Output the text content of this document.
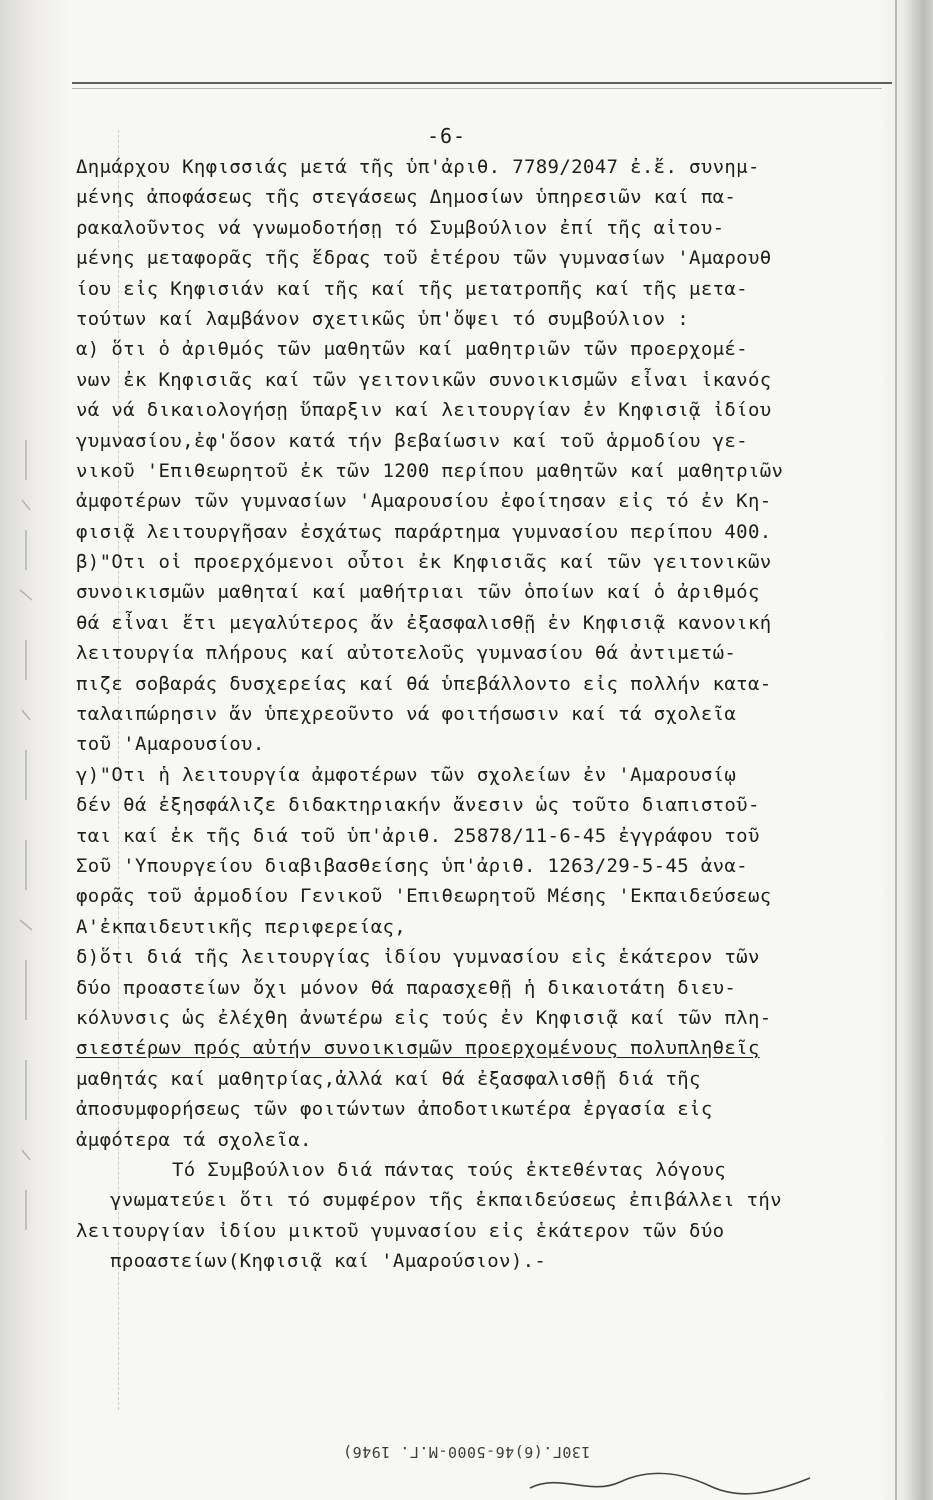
-6-
Δημάρχου Κηφισσιάς μετά τῆς ὑπ'ἀριθ. 7789/2047 ἐ.ἔ. συνημ-
μένης ἀποφάσεως τῆς στεγάσεως Δημοσίων ὑπηρεσιῶν καί πα-
ρακαλοῦντος νά γνωμοδοτήσῃ τό Συμβούλιον ἐπί τῆς αἰτου-
μένης μεταφορᾶς τῆς ἕδρας τοῦ ἑτέρου τῶν γυμνασίων 'Αμαρουθ
ίου εἰς Κηφισιάν καί τῆς καί τῆς μετατροπῆς καί τῆς μετα-
τούτων καί λαμβάνον σχετικῶς ὑπ'ὄψει τό συμβούλιον :
α) ὅτι ὁ ἀριθμός τῶν μαθητῶν καί μαθητριῶν τῶν προερχομέ-
νων ἐκ Κηφισιᾶς καί τῶν γειτονικῶν συνοικισμῶν εἶναι ἱκανός
νά νά δικαιολογήσῃ ὕπαρξιν καί λειτουργίαν ἐν Κηφισιᾷ ἰδίου
γυμνασίου,ἐφ'ὅσον κατά τήν βεβαίωσιν καί τοῦ ἁρμοδίου γε-
νικοῦ 'Επιθεωρητοῦ ἐκ τῶν 1200 περίπου μαθητῶν καί μαθητριῶν
ἀμφοτέρων τῶν γυμνασίων 'Αμαρουσίου ἐφοίτησαν εἰς τό ἐν Κη-
φισιᾷ λειτουργῆσαν ἐσχάτως παράρτημα γυμνασίου περίπου 400.
β)"Οτι οἱ προερχόμενοι οὗτοι ἐκ Κηφισιᾶς καί τῶν γειτονικῶν
συνοικισμῶν μαθηταί καί μαθήτριαι τῶν ὁποίων καί ὁ ἀριθμός
θά εἶναι ἔτι μεγαλύτερος ἄν ἐξασφαλισθῇ ἐν Κηφισιᾷ κανονική
λειτουργία πλήρους καί αὐτοτελοῦς γυμνασίου θά ἀντιμετώ-
πιζε σοβαράς δυσχερείας καί θά ὑπεβάλλοντο εἰς πολλήν κατα-
ταλαιπώρησιν ἄν ὑπεχρεοῦντο νά φοιτήσωσιν καί τά σχολεῖα
τοῦ 'Αμαρουσίου.
γ)"Οτι ἡ λειτουργία ἀμφοτέρων τῶν σχολείων ἐν 'Αμαρουσίῳ
δέν θά ἐξησφάλιζε διδακτηριακήν ἄνεσιν ὡς τοῦτο διαπιστοῦ-
ται καί ἐκ τῆς διά τοῦ ὑπ'ἀριθ. 25878/11-6-45 ἐγγράφου τοῦ
Σοῦ 'Υπουργείου διαβιβασθείσης ὑπ'ἀριθ. 1263/29-5-45 ἀνα-
φορᾶς τοῦ ἁρμοδίου Γενικοῦ 'Επιθεωρητοῦ Μέσης 'Εκπαιδεύσεως
Α'ἐκπαιδευτικῆς περιφερείας,
δ)ὅτι διά τῆς λειτουργίας ἰδίου γυμνασίου εἰς ἑκάτερον τῶν
δύο προαστείων ὄχι μόνον θά παρασχεθῇ ἡ δικαιοτάτη διευ-
κόλυνσις ὡς ἐλέχθη ἀνωτέρω εἰς τούς ἐν Κηφισιᾷ καί τῶν πλη-
σιεστέρων πρός αὐτήν συνοικισμῶν προερχομένους πολυπληθεῖς
μαθητάς καί μαθητρίας,ἀλλά καί θά ἐξασφαλισθῇ διά τῆς
ἀποσυμφορήσεως τῶν φοιτώντων ἀποδοτικωτέρα ἐργασία εἰς
ἀμφότερα τά σχολεῖα.
Τό Συμβούλιον διά πάντας τούς ἐκτεθέντας λόγους
γνωματεύει ὅτι τό συμφέρον τῆς ἐκπαιδεύσεως ἐπιβάλλει τήν
λειτουργίαν ἰδίου μικτοῦ γυμνασίου εἰς ἑκάτερον τῶν δύο
προαστείων(Κηφισιᾷ καί 'Αμαρούσιον).-
130Γ.(6)46-5000-Μ.Γ. 1946)
